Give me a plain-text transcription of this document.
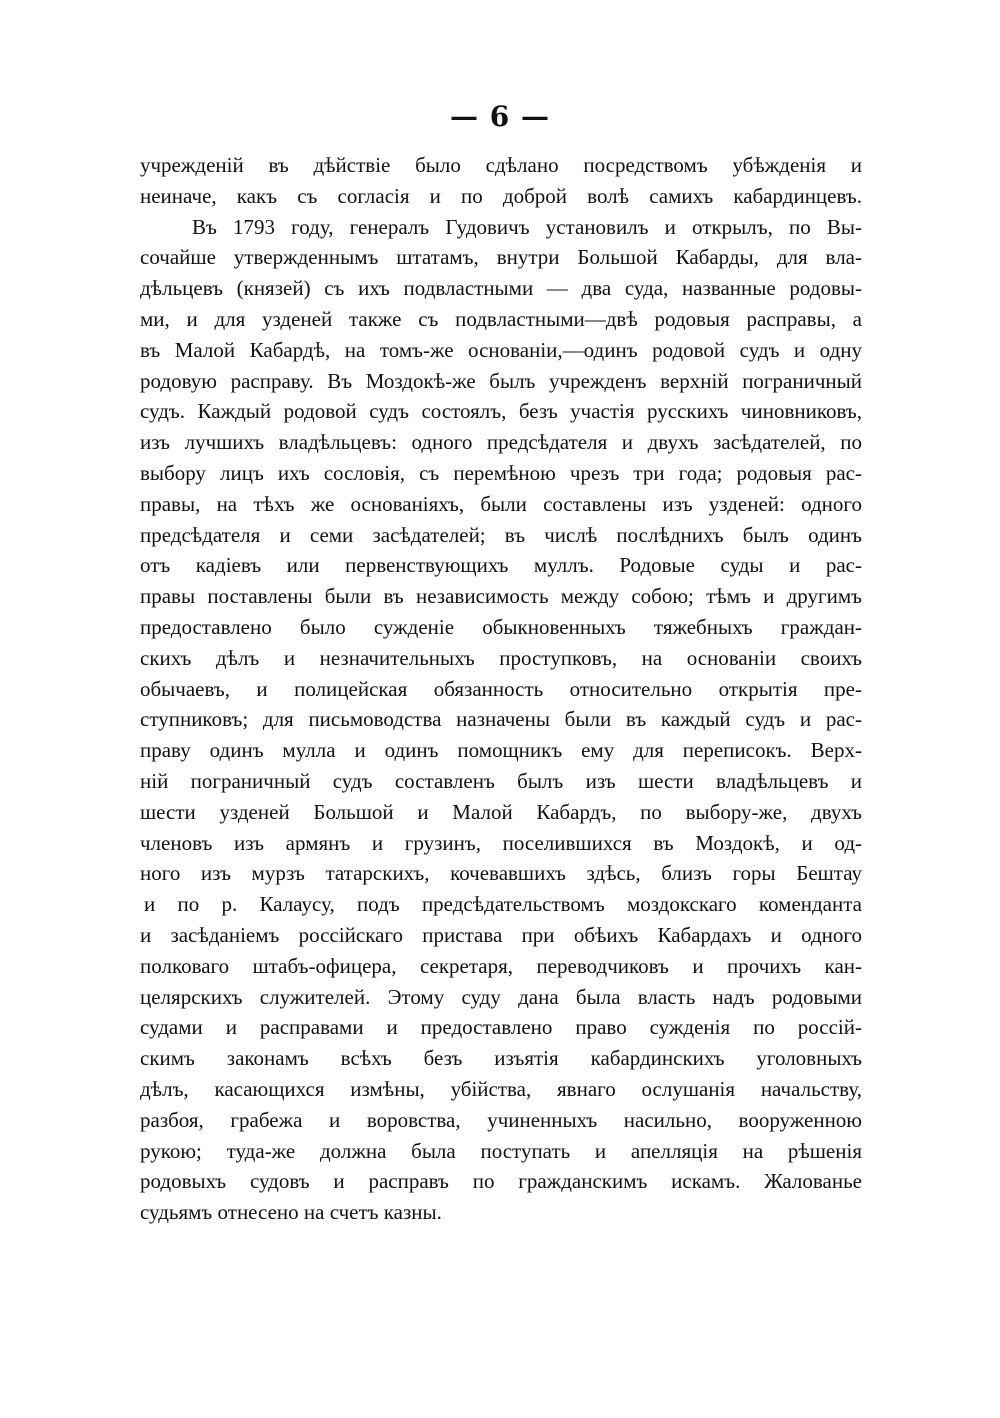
— 6 —
учрежденій въ дѣйствіе было сдѣлано посредствомъ убѣжденія и
неиначе, какъ съ согласія и по доброй волѣ самихъ кабардинцевъ.
Въ 1793 году, генералъ Гудовичъ установилъ и открылъ, по Вы-
сочайше утвержденнымъ штатамъ, внутри Большой Кабарды, для вла-
дѣльцевъ (князей) съ ихъ подвластными — два суда, названные родовы-
ми, и для узденей также съ подвластными—двѣ родовыя расправы, а
въ Малой Кабардѣ, на томъ-же основаніи,—одинъ родовой судъ и одну
родовую расправу. Въ Моздокѣ-же былъ учрежденъ верхній пограничный
судъ. Каждый родовой судъ состоялъ, безъ участія русскихъ чиновниковъ,
изъ лучшихъ владѣльцевъ: одного предсѣдателя и двухъ засѣдателей, по
выбору лицъ ихъ сословія, съ перемѣною чрезъ три года; родовыя рас-
правы, на тѣхъ же основаніяхъ, были составлены изъ узденей: одного
предсѣдателя и семи засѣдателей; въ числѣ послѣднихъ былъ одинъ
отъ кадіевъ или первенствующихъ муллъ. Родовые суды и рас-
правы поставлены были въ независимость между собою; тѣмъ и другимъ
предоставлено было сужденіе обыкновенныхъ тяжебныхъ граждан-
скихъ дѣлъ и незначительныхъ проступковъ, на основаніи своихъ
обычаевъ, и полицейская обязанность относительно открытія пре-
ступниковъ; для письмоводства назначены были въ каждый судъ и рас-
праву одинъ мулла и одинъ помощникъ ему для переписокъ. Верх-
ній пограничный судъ составленъ былъ изъ шести владѣльцевъ и
шести узденей Большой и Малой Кабардъ, по выбору-же, двухъ
членовъ изъ армянъ и грузинъ, поселившихся въ Моздокѣ, и од-
ного изъ мурзъ татарскихъ, кочевавшихъ здѣсь, близъ горы Бештау
и по р. Калаусу, подъ предсѣдательствомъ моздокскаго коменданта
и засѣданіемъ россійскаго пристава при обѣихъ Кабардахъ и одного
полковаго штабъ-офицера, секретаря, переводчиковъ и прочихъ кан-
целярскихъ служителей. Этому суду дана была власть надъ родовыми
судами и расправами и предоставлено право сужденія по россій-
скимъ законамъ всѣхъ безъ изъятія кабардинскихъ уголовныхъ
дѣлъ, касающихся измѣны, убійства, явнаго ослушанія начальству,
разбоя, грабежа и воровства, учиненныхъ насильно, вооруженною
рукою; туда-же должна была поступать и апелляція на рѣшенія
родовыхъ судовъ и расправъ по гражданскимъ искамъ. Жалованье
судьямъ отнесено на счетъ казны.
